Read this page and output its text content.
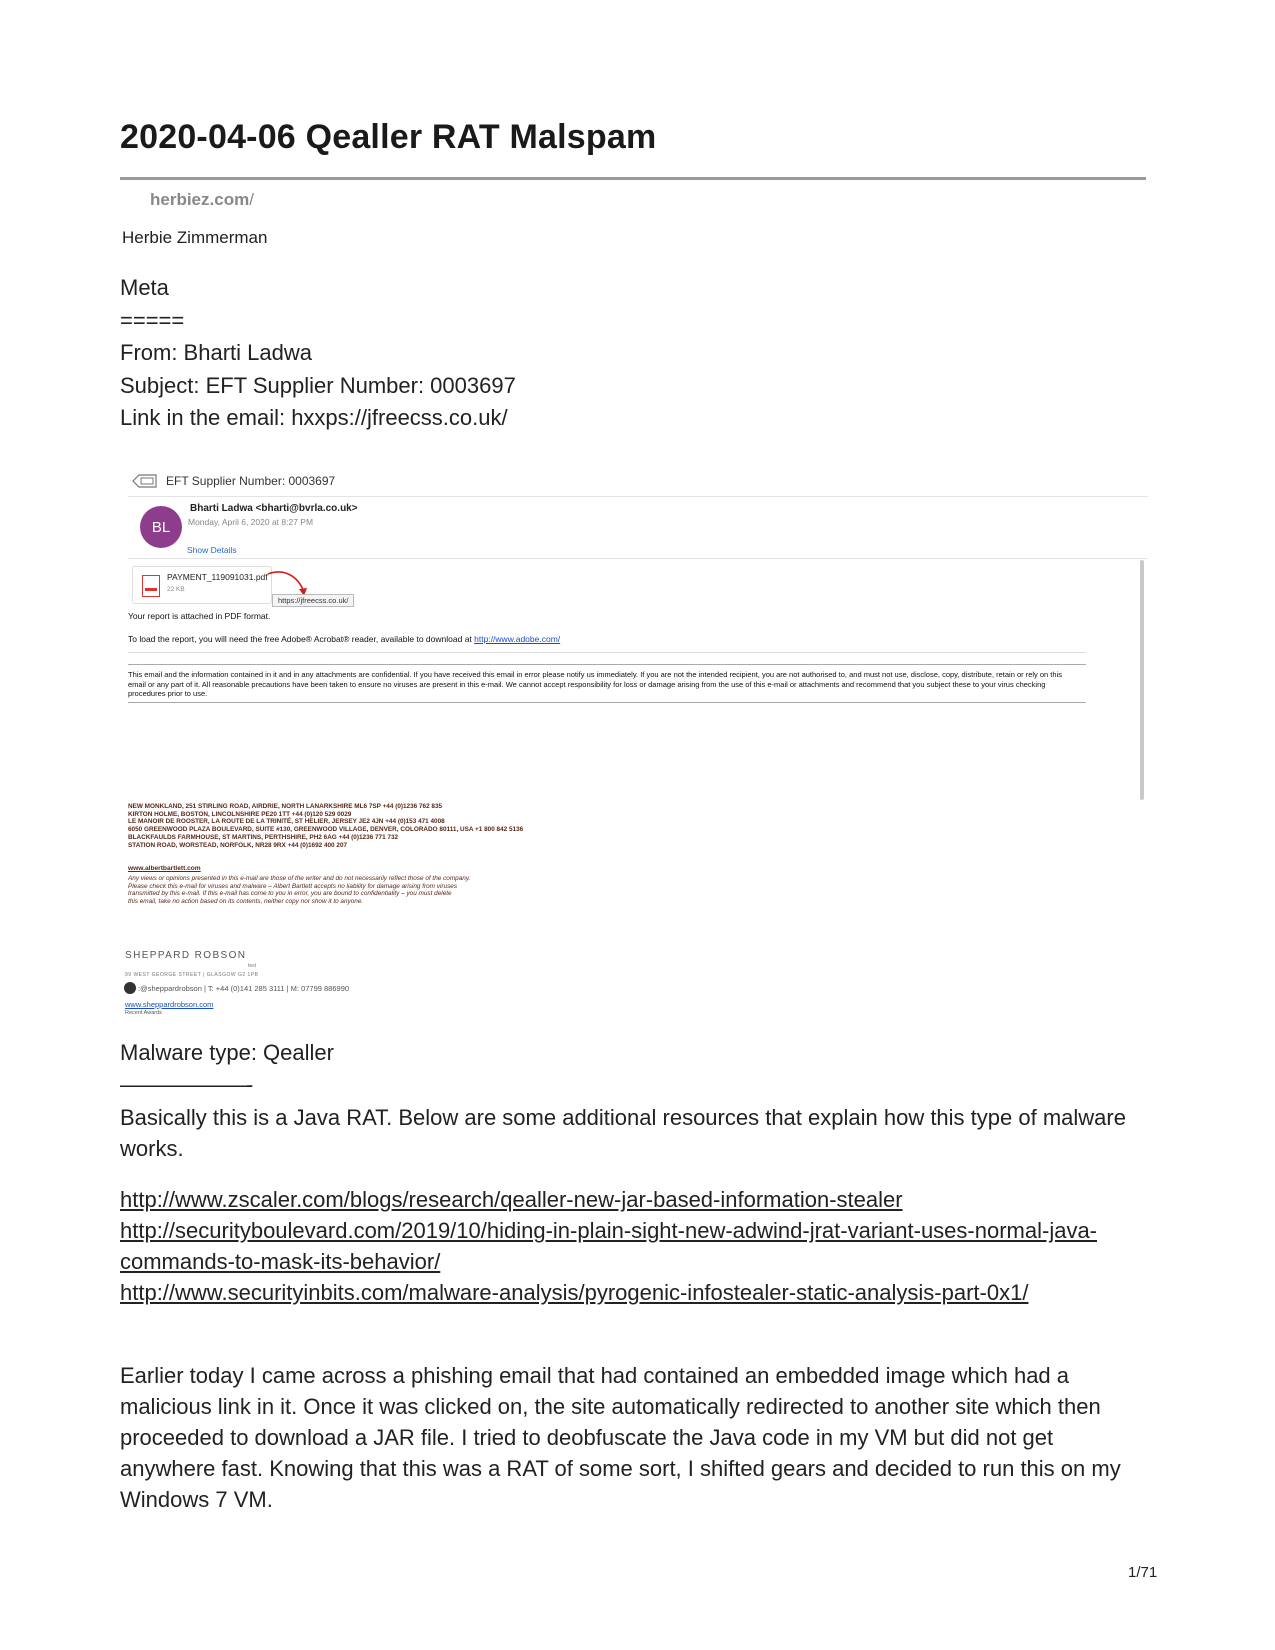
2020-04-06 Qealler RAT Malspam
herbiez.com/
Herbie Zimmerman
Meta
=====
From: Bharti Ladwa
Subject: EFT Supplier Number: 0003697
Link in the email: hxxps://jfreecss.co.uk/
EFT Supplier Number: 0003697
BL
Bharti Ladwa <bharti@bvrla.co.uk>
Monday, April 6, 2020 at 8:27 PM
Show Details
PAYMENT_119091031.pdf
22 KB
https://jfreecss.co.uk/
Your report is attached in PDF format.
To load the report, you will need the free Adobe® Acrobat® reader, available to download at http://www.adobe.com/
This email and the information contained in it and in any attachments are confidential. If you have received this email in error please notify us immediately. If you are not the intended recipient, you are not authorised to, and must not use, disclose, copy, distribute, retain or rely on this email or any part of it. All reasonable precautions have been taken to ensure no viruses are present in this e-mail. We cannot accept responsibility for loss or damage arising from the use of this e-mail or attachments and recommend that you subject these to your virus checking procedures prior to use.
NEW MONKLAND, 251 STIRLING ROAD, AIRDRIE, NORTH LANARKSHIRE ML6 7SP +44 (0)1236 762 835
KIRTON HOLME, BOSTON, LINCOLNSHIRE PE20 1TT +44 (0)120 529 0029
LE MANOIR DE ROOSTER, LA ROUTE DE LA TRINITÉ, ST HELIER, JERSEY JE2 4JN +44 (0)153 471 4008
6050 GREENWOOD PLAZA BOULEVARD, SUITE #130, GREENWOOD VILLAGE, DENVER, COLORADO 80111, USA +1 800 842 5136
BLACKFAULDS FARMHOUSE, ST MARTINS, PERTHSHIRE, PH2 6AG +44 (0)1236 771 732
STATION ROAD, WORSTEAD, NORFOLK, NR28 9RX +44 (0)1692 400 207
www.albertbartlett.com
Any views or opinions presented in this e-mail are those of the writer and do not necessarily reflect those of the company.
Please check this e-mail for viruses and malware – Albert Bartlett accepts no liability for damage arising from viruses
transmitted by this e-mail. If this e-mail has come to you in error, you are bound to confidentiality – you must delete
this email, take no action based on its contents, neither copy nor show it to anyone.
SHEPPARD ROBSON
test
99 WEST GEORGE STREET | GLASGOW G2 1PB
:@sheppardrobson | T: +44 (0)141 285 3111 | M: 07799 886990
www.sheppardrobson.com
Recent Awards
Malware type: Qealler
——————-
Basically this is a Java RAT. Below are some additional resources that explain how this type of malware works.
http://www.zscaler.com/blogs/research/qealler-new-jar-based-information-stealer
http://securityboulevard.com/2019/10/hiding-in-plain-sight-new-adwind-jrat-variant-uses-normal-java-commands-to-mask-its-behavior/
http://www.securityinbits.com/malware-analysis/pyrogenic-infostealer-static-analysis-part-0x1/
Earlier today I came across a phishing email that had contained an embedded image which had a malicious link in it. Once it was clicked on, the site automatically redirected to another site which then proceeded to download a JAR file. I tried to deobfuscate the Java code in my VM but did not get anywhere fast. Knowing that this was a RAT of some sort, I shifted gears and decided to run this on my Windows 7 VM.
1/71
